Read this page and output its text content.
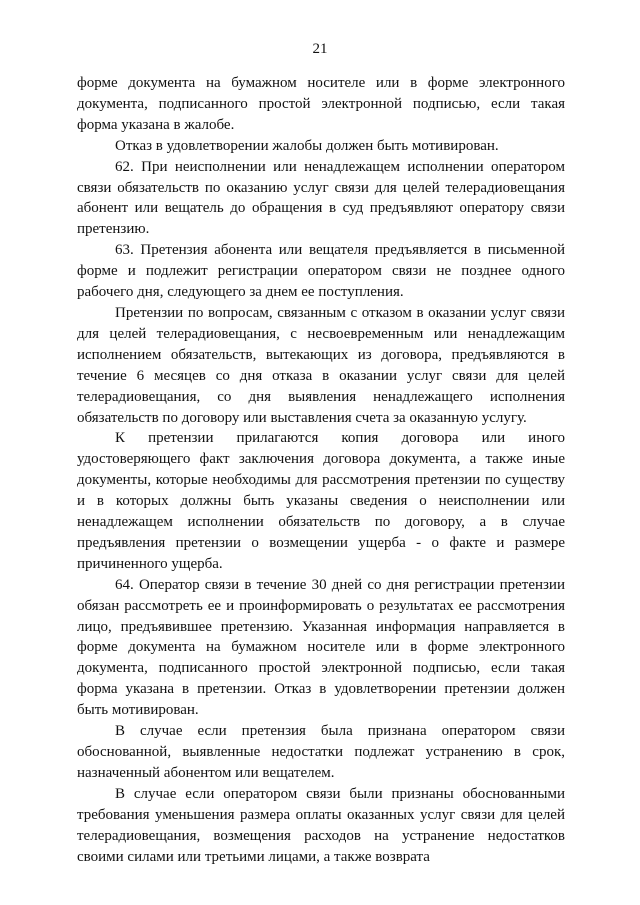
21

форме документа на бумажном носителе или в форме электронного документа, подписанного простой электронной подписью, если такая форма указана в жалобе.

Отказ в удовлетворении жалобы должен быть мотивирован.

62. При неисполнении или ненадлежащем исполнении оператором связи обязательств по оказанию услуг связи для целей телерадиовещания абонент или вещатель до обращения в суд предъявляют оператору связи претензию.

63. Претензия абонента или вещателя предъявляется в письменной форме и подлежит регистрации оператором связи не позднее одного рабочего дня, следующего за днем ее поступления.

Претензии по вопросам, связанным с отказом в оказании услуг связи для целей телерадиовещания, с несвоевременным или ненадлежащим исполнением обязательств, вытекающих из договора, предъявляются в течение 6 месяцев со дня отказа в оказании услуг связи для целей телерадиовещания, со дня выявления ненадлежащего исполнения обязательств по договору или выставления счета за оказанную услугу.

К претензии прилагаются копия договора или иного удостоверяющего факт заключения договора документа, а также иные документы, которые необходимы для рассмотрения претензии по существу и в которых должны быть указаны сведения о неисполнении или ненадлежащем исполнении обязательств по договору, а в случае предъявления претензии о возмещении ущерба - о факте и размере причиненного ущерба.

64. Оператор связи в течение 30 дней со дня регистрации претензии обязан рассмотреть ее и проинформировать о результатах ее рассмотрения лицо, предъявившее претензию. Указанная информация направляется в форме документа на бумажном носителе или в форме электронного документа, подписанного простой электронной подписью, если такая форма указана в претензии. Отказ в удовлетворении претензии должен быть мотивирован.

В случае если претензия была признана оператором связи обоснованной, выявленные недостатки подлежат устранению в срок, назначенный абонентом или вещателем.

В случае если оператором связи были признаны обоснованными требования уменьшения размера оплаты оказанных услуг связи для целей телерадиовещания, возмещения расходов на устранение недостатков своими силами или третьими лицами, а также возврата
